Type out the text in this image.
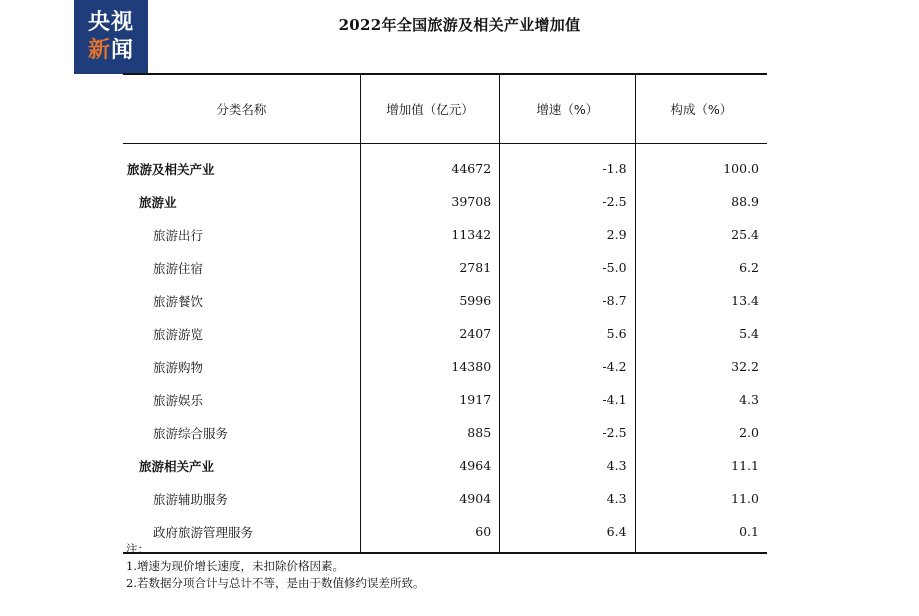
央视
新闻
2022年全国旅游及相关产业增加值
分类名称	增加值（亿元）	增速（%）	构成（%）
旅游及相关产业	44672	-1.8	100.0
旅游业	39708	-2.5	88.9
旅游出行	11342	2.9	25.4
旅游住宿	2781	-5.0	6.2
旅游餐饮	5996	-8.7	13.4
旅游游览	2407	5.6	5.4
旅游购物	14380	-4.2	32.2
旅游娱乐	1917	-4.1	4.3
旅游综合服务	885	-2.5	2.0
旅游相关产业	4964	4.3	11.1
旅游辅助服务	4904	4.3	11.0
政府旅游管理服务	60	6.4	0.1
注：
1.增速为现价增长速度，未扣除价格因素。
2.若数据分项合计与总计不等，是由于数值修约误差所致。
